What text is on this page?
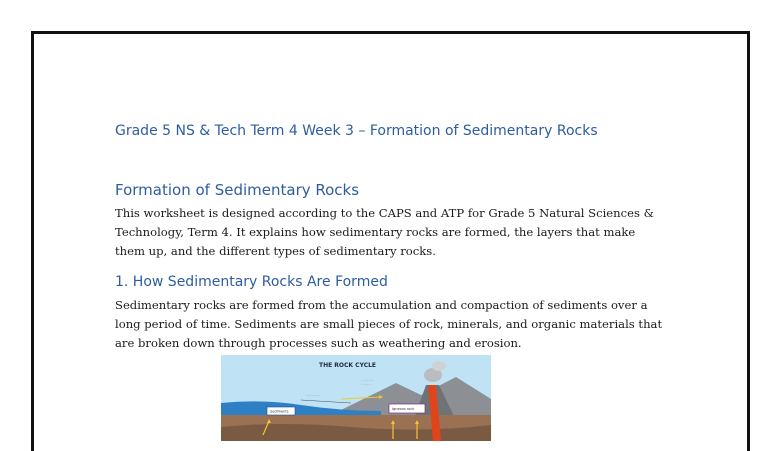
Grade 5 NS & Tech Term 4 Week 3 – Formation of Sedimentary Rocks
Formation of Sedimentary Rocks

This worksheet is designed according to the CAPS and ATP for Grade 5 Natural Sciences &
Technology, Term 4. It explains how sedimentary rocks are formed, the layers that make
them up, and the different types of sedimentary rocks.

1. How Sedimentary Rocks Are Formed

Sedimentary rocks are formed from the accumulation and compaction of sediments over a
long period of time. Sediments are small pieces of rock, minerals, and organic materials that
are broken down through processes such as weathering and erosion.

THE ROCK CYCLE
·· ······ ·····
·· ······ ···
········ ········
Sediments
Igneous rock
